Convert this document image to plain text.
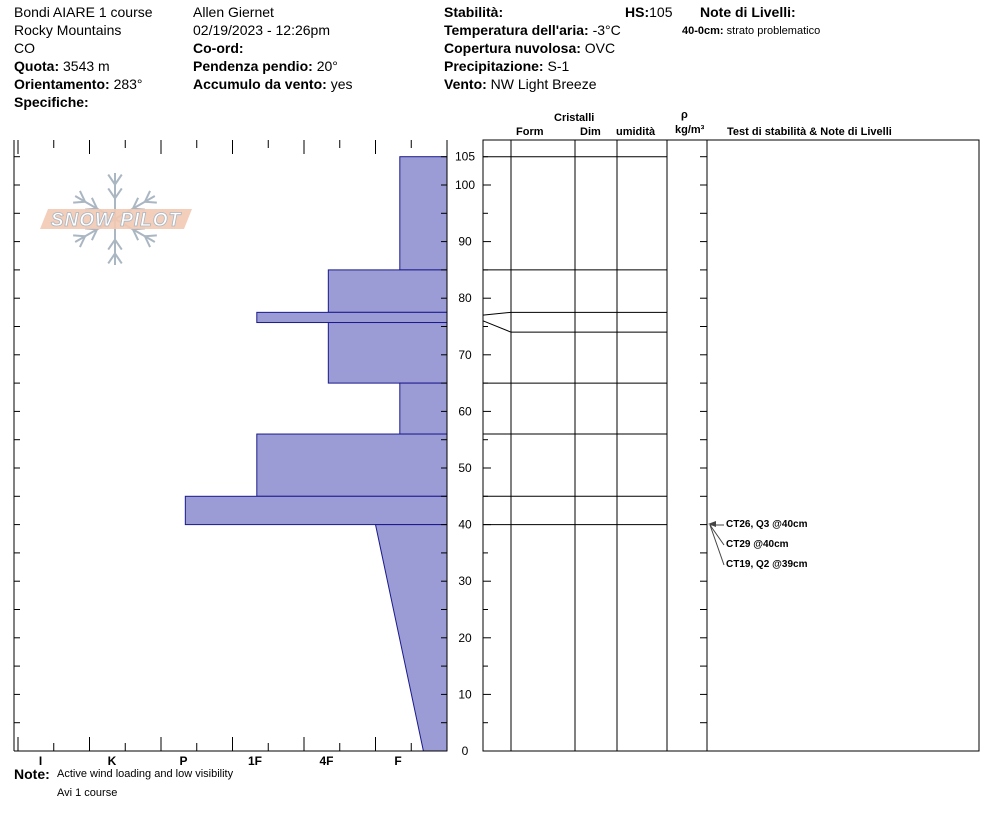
Bondi AIARE 1 course
Rocky Mountains
CO
Quota: 3543 m
Orientamento: 283°
Specifiche:
Allen Giernet
02/19/2023 - 12:26pm
Co-ord:
Pendenza pendio: 20°
Accumulo da vento: yes
Stabilità:
Temperatura dell'aria: -3°C
Copertura nuvolosa: OVC
Precipitazione: S-1
Vento: NW Light Breeze
HS:105 Note di Livelli:
40-0cm: strato problematico
Cristalli
Form	Dim umidità
ρ
kg/m³ Test di stabilità & Note di Livelli
CT26, Q3 @40cm
CT29 @40cm
CT19, Q2 @39cm
Note: Active wind loading and low visibility
Avi 1 course
F
4F
1F
P
K
I
0
10
20
30
40
50
60
70
80
90
100
105
SNOW PILOT
